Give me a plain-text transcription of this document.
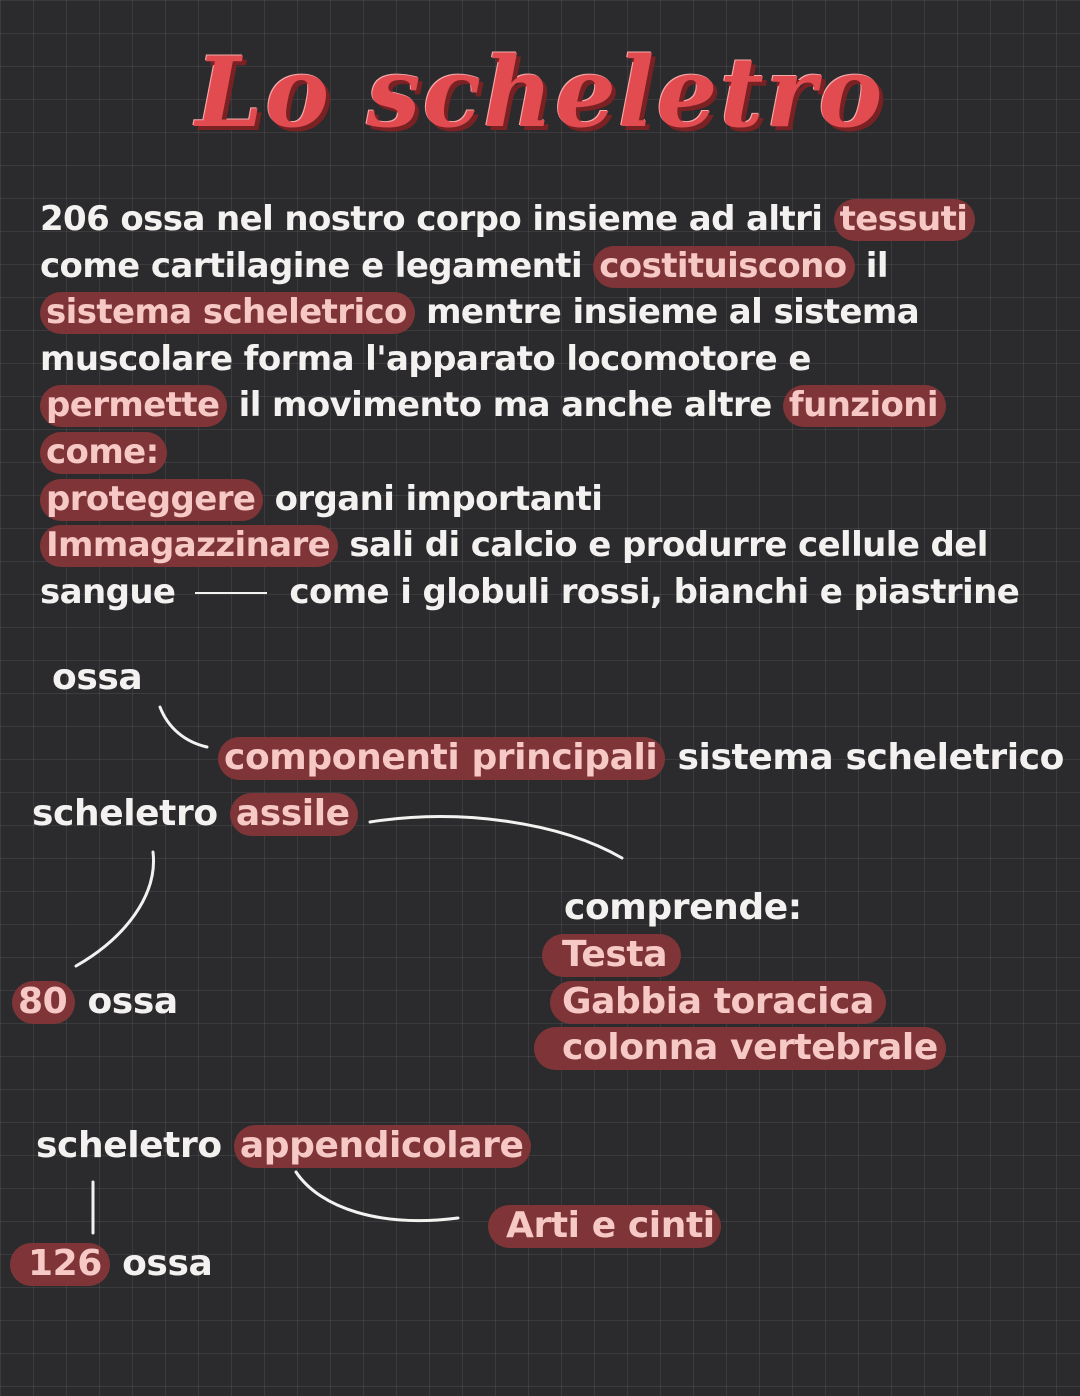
Lo scheletro
206 ossa nel nostro corpo insieme ad altri tessuti
come cartilagine e legamenti costituiscono il
sistema scheletrico mentre insieme al sistema
muscolare forma l'apparato locomotore e
permette il movimento ma anche altre funzioni
come:
proteggere organi importanti
Immagazzinare sali di calcio e produrre cellule del
sangue	come i globuli rossi, bianchi e piastrine
ossa
componenti principali sistema scheletrico
scheletro assile
80 ossa
comprende:
Testa
Gabbia toracica
colonna vertebrale
scheletro appendicolare
126 ossa
Arti e cinti
